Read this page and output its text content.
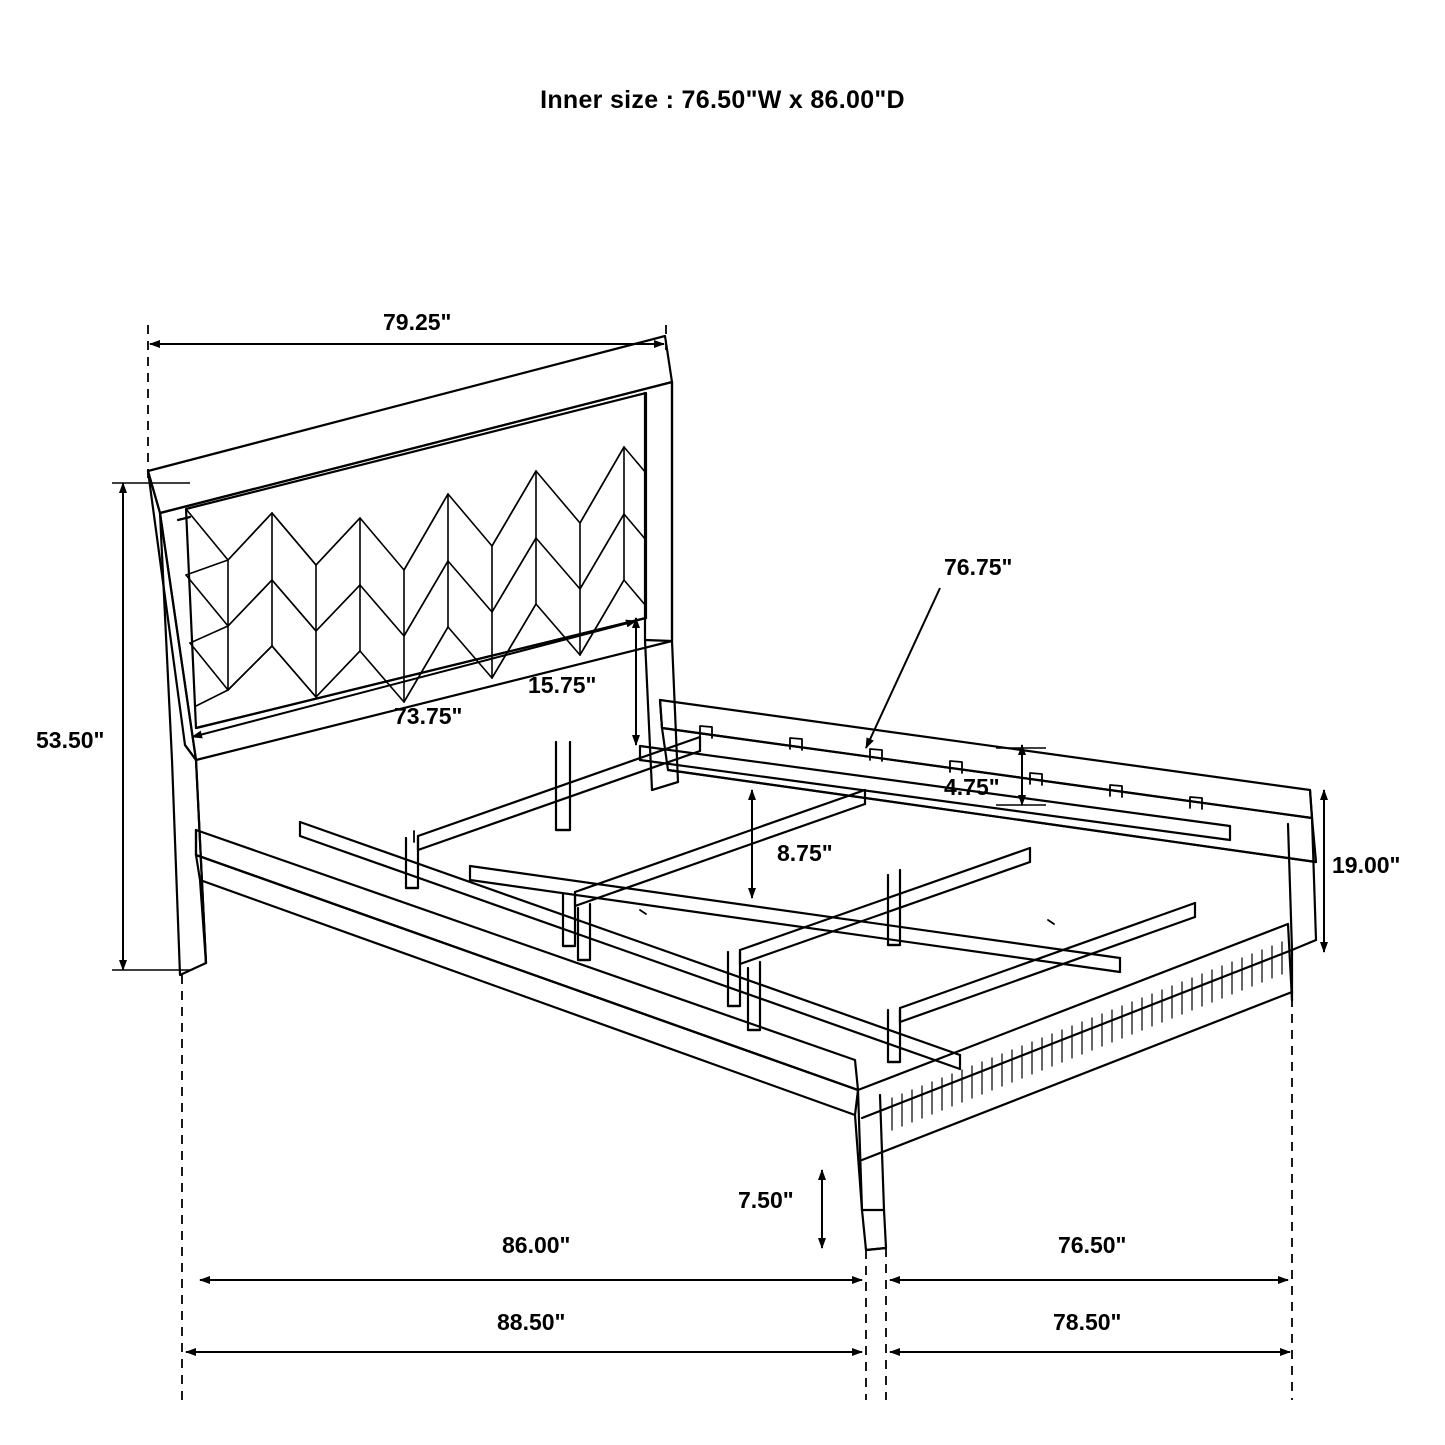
Inner size : 76.50"W x 86.00"D
79.25"
53.50"
73.75"
15.75"
76.75"
4.75"
8.75"	19.00"
7.50"
86.00"	76.50"
88.50"	78.50"
